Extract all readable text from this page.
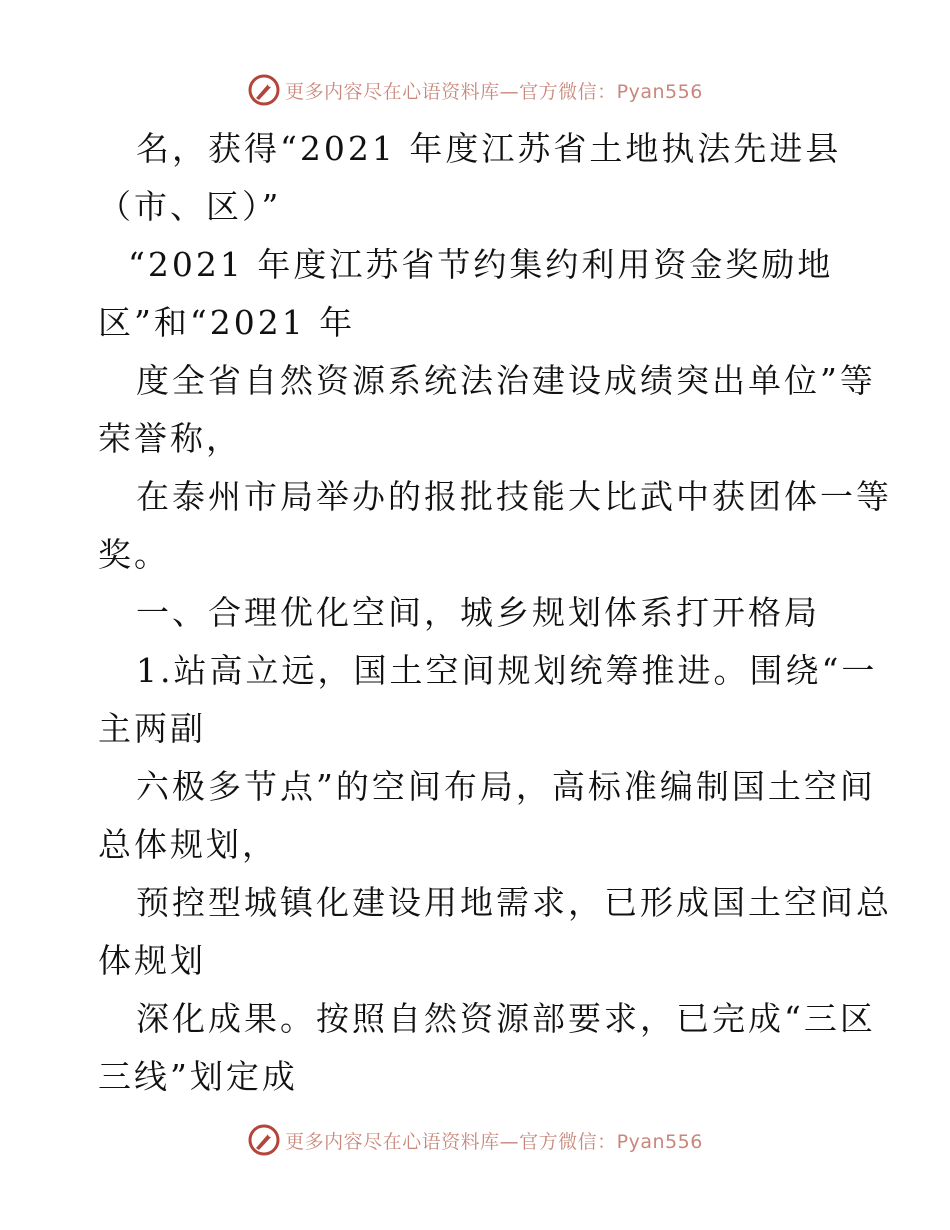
更多内容尽在心语资料库—官方微信：Pyan556
名，获得“2021 年度江苏省土地执法先进县
（市、区）”
“2021 年度江苏省节约集约利用资金奖励地
区”和“2021 年
度全省自然资源系统法治建设成绩突出单位”等
荣誉称，
在泰州市局举办的报批技能大比武中获团体一等
奖。
一、合理优化空间，城乡规划体系打开格局
1.站高立远，国土空间规划统筹推进。围绕“一
主两副
六极多节点”的空间布局，高标准编制国土空间
总体规划，
预控型城镇化建设用地需求，已形成国土空间总
体规划
深化成果。按照自然资源部要求，已完成“三区
三线”划定成
更多内容尽在心语资料库—官方微信：Pyan556
